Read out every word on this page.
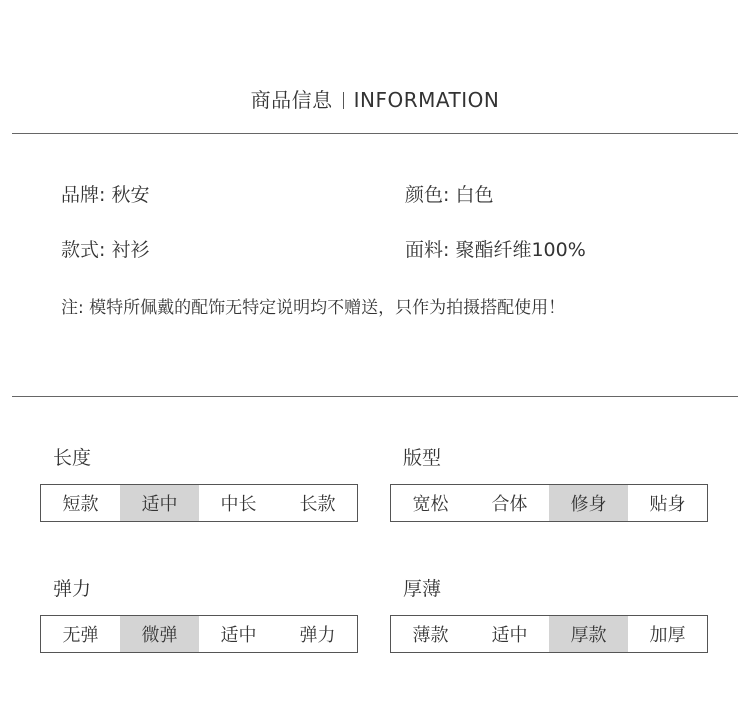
商品信息 INFORMATION
品牌 : 秋安	颜色 : 白色
款式 : 衬衫	面料 : 聚酯纤维100%
注: 模特所佩戴的配饰无特定说明均不赠送，只作为拍摄搭配使用！
长度
短款	适中	中长	长款
版型
宽松	合体	修身	贴身
弹力
无弹	微弹	适中	弹力
厚薄
薄款	适中	厚款	加厚
